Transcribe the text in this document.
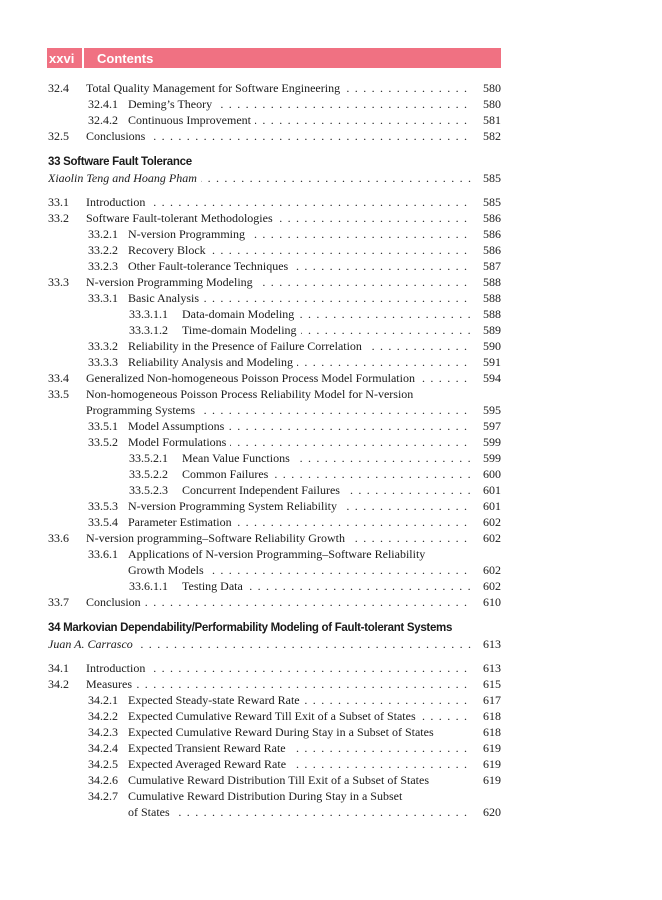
xxvi	Contents
32.4 Total Quality Management for Software Engineering . . .	580
32.4.1 Deming’s Theory . . .	580
32.4.2 Continuous Improvement . . .	581
32.5 Conclusions . . .	582
33 Software Fault Tolerance
Xiaolin Teng and Hoang Pham . . .	585
33.1 Introduction . . .	585
33.2 Software Fault-tolerant Methodologies . . .	586
33.2.1 N-version Programming . . .	586
33.2.2 Recovery Block . . .	586
33.2.3 Other Fault-tolerance Techniques . . .	587
33.3 N-version Programming Modeling . . .	588
33.3.1 Basic Analysis . . .	588
33.3.1.1 Data-domain Modeling . . .	588
33.3.1.2 Time-domain Modeling . . .	589
33.3.2 Reliability in the Presence of Failure Correlation . . .	590
33.3.3 Reliability Analysis and Modeling . . .	591
33.4 Generalized Non-homogeneous Poisson Process Model Formulation . . .	594
33.5 Non-homogeneous Poisson Process Reliability Model for N-version
Programming Systems . . .	595
33.5.1 Model Assumptions . . .	597
33.5.2 Model Formulations . . .	599
33.5.2.1 Mean Value Functions . . .	599
33.5.2.2 Common Failures . . .	600
33.5.2.3 Concurrent Independent Failures . . .	601
33.5.3 N-version Programming System Reliability . . .	601
33.5.4 Parameter Estimation . . .	602
33.6 N-version programming–Software Reliability Growth . . .	602
33.6.1 Applications of N-version Programming–Software Reliability
Growth Models . . .	602
33.6.1.1 Testing Data . . .	602
33.7 Conclusion . . .	610
34 Markovian Dependability/Performability Modeling of Fault-tolerant Systems
Juan A. Carrasco . . .	613
34.1 Introduction . . .	613
34.2 Measures . . .	615
34.2.1 Expected Steady-state Reward Rate . . .	617
34.2.2 Expected Cumulative Reward Till Exit of a Subset of States . . .	618
34.2.3 Expected Cumulative Reward During Stay in a Subset of States	618
34.2.4 Expected Transient Reward Rate . . .	619
34.2.5 Expected Averaged Reward Rate . . .	619
34.2.6 Cumulative Reward Distribution Till Exit of a Subset of States	619
34.2.7 Cumulative Reward Distribution During Stay in a Subset
of States . . .	620
